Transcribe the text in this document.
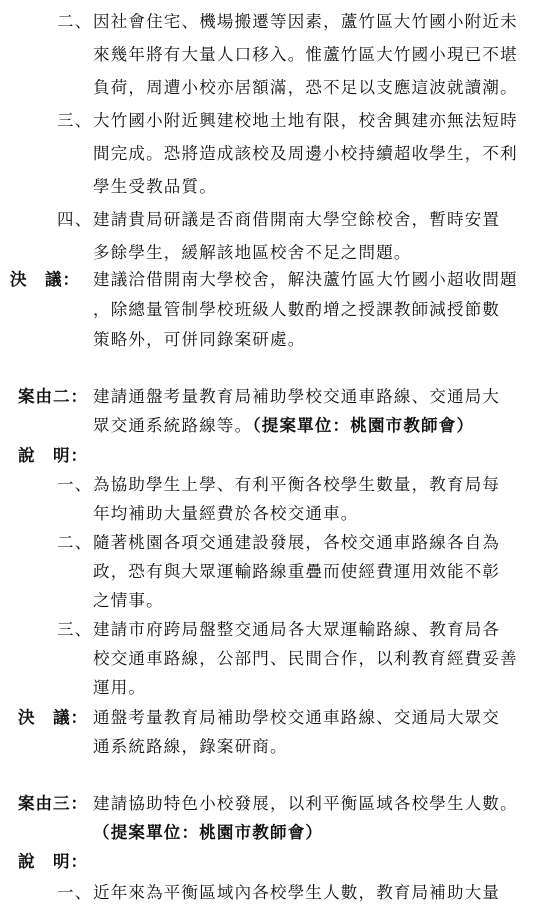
二、 因社會住宅、機場搬遷等因素，蘆竹區大竹國小附近未
來幾年將有大量人口移入。惟蘆竹區大竹國小現已不堪
負荷，周遭小校亦居額滿，恐不足以支應這波就讀潮。
三、 大竹國小附近興建校地土地有限，校舍興建亦無法短時
間完成。恐將造成該校及周邊小校持續超收學生，不利
學生受教品質。
四、 建請貴局研議是否商借開南大學空餘校舍，暫時安置
多餘學生，緩解該地區校舍不足之問題。
決　議： 建議洽借開南大學校舍，解決蘆竹區大竹國小超收問題
，除總量管制學校班級人數酌增之授課教師減授節數
策略外，可併同錄案研處。
案由二： 建請通盤考量教育局補助學校交通車路線、交通局大
眾交通系統路線等。（提案單位：桃園市教師會）
說　明：
一、 為協助學生上學、有利平衡各校學生數量，教育局每
年均補助大量經費於各校交通車。
二、 隨著桃園各項交通建設發展，各校交通車路線各自為
政，恐有與大眾運輸路線重疊而使經費運用效能不彰
之情事。
三、 建請市府跨局盤整交通局各大眾運輸路線、教育局各
校交通車路線，公部門、民間合作，以利教育經費妥善
運用。
決　議： 通盤考量教育局補助學校交通車路線、交通局大眾交
通系統路線，錄案研商。
案由三： 建請協助特色小校發展，以利平衡區域各校學生人數。
（提案單位：桃園市教師會）
說　明：
一、 近年來為平衡區域內各校學生人數，教育局補助大量
